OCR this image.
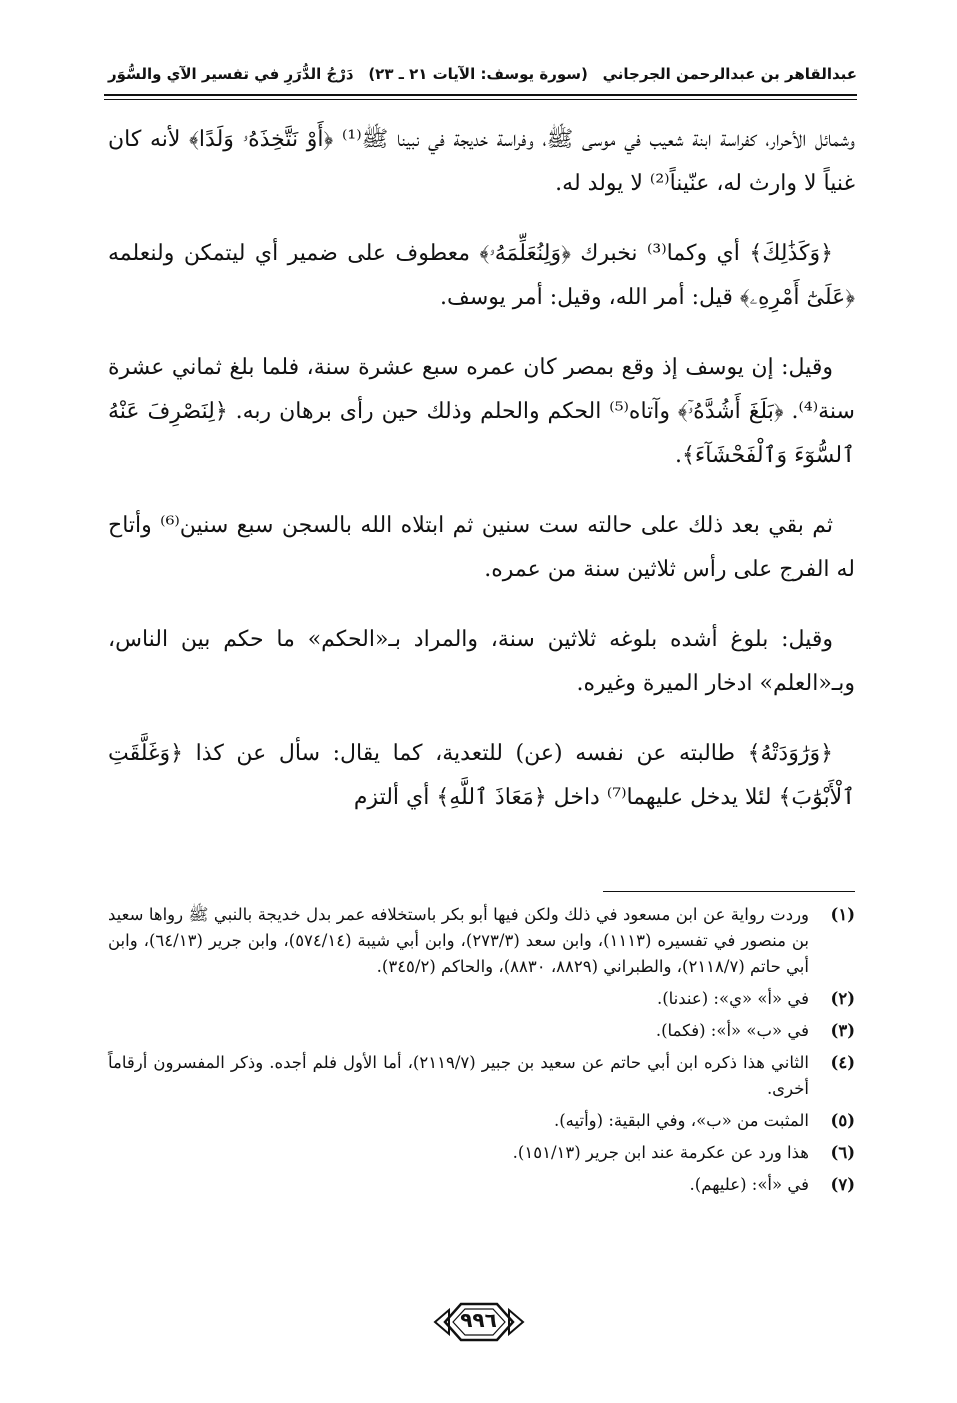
عبدالقاهر بن عبدالرحمن الجرجاني
(سورة يوسف: الآيات ٢١ ـ ٢٣)
دَرْجُ الدُّرَرِ في تفسير الآي والسُّوَر

وشمائل الأحرار، كفراسة ابنة شعيب في موسى ﷺ، وفراسة خديجة في نبينا ﷺ⁽¹⁾ ﴿أَوْ نَتَّخِذَهُۥ وَلَدًا﴾ لأنه كان غنياً لا وارث له، عنّيناً⁽²⁾ لا يولد له.

﴿وَكَذَٰلِكَ﴾ أي وكما⁽³⁾ نخبرك ﴿وَلِنُعَلِّمَهُۥ﴾ معطوف على ضمير أي ليتمكن ولنعلمه ﴿عَلَىٰٓ أَمْرِهِۦ﴾ قيل: أمر الله، وقيل: أمر يوسف.

وقيل: إن يوسف إذ وقع بمصر كان عمره سبع عشرة سنة، فلما بلغ ثماني عشرة سنة⁽⁴⁾. ﴿بَلَغَ أَشُدَّهُۥٓ﴾ وآتاه⁽⁵⁾ الحكم والحلم وذلك حين رأى برهان ربه. ﴿لِنَصْرِفَ عَنْهُ ٱلسُّوٓءَ وَٱلْفَحْشَآءَ﴾.

ثم بقي بعد ذلك على حالته ست سنين ثم ابتلاه الله بالسجن سبع سنين⁽⁶⁾ وأتاح له الفرج على رأس ثلاثين سنة من عمره.

وقيل: بلوغ أشده بلوغه ثلاثين سنة، والمراد بـ«الحكم» ما حكم بين الناس، وبـ«العلم» ادخار الميرة وغيره.

﴿وَرَٰوَدَتْهُ﴾ طالبته عن نفسه (عن) للتعدية، كما يقال: سأل عن كذا ﴿وَغَلَّقَتِ ٱلْأَبْوَٰبَ﴾ لئلا يدخل عليهما⁽⁷⁾ داخل ﴿مَعَاذَ ٱللَّهِ﴾ أي ألتزم

(١)
وردت رواية عن ابن مسعود في ذلك ولكن فيها أبو بكر باستخلافه عمر بدل خديجة بالنبي ﷺ رواها سعيد بن منصور في تفسيره (١١١٣)، وابن سعد (٢٧٣/٣)، وابن أبي شيبة (٥٧٤/١٤)، وابن جرير (٦٤/١٣)، وابن أبي حاتم (٢١١٨/٧)، والطبراني (٨٨٢٩، ٨٨٣٠)، والحاكم (٣٤٥/٢).
(٢)
في «أ» «ي»: (عندنا).
(٣)
في «ب» «أ»: (فكما).
(٤)
الثاني هذا ذكره ابن أبي حاتم عن سعيد بن جبير (٢١١٩/٧)، أما الأول فلم أجده. وذكر المفسرون أرقاماً أخرى.
(٥)
المثبت من «ب»، وفي البقية: (وأتيه).
(٦)
هذا ورد عن عكرمة عند ابن جرير (١٥١/١٣).
(٧)
في «أ»: (عليهم).
٩٩٦
